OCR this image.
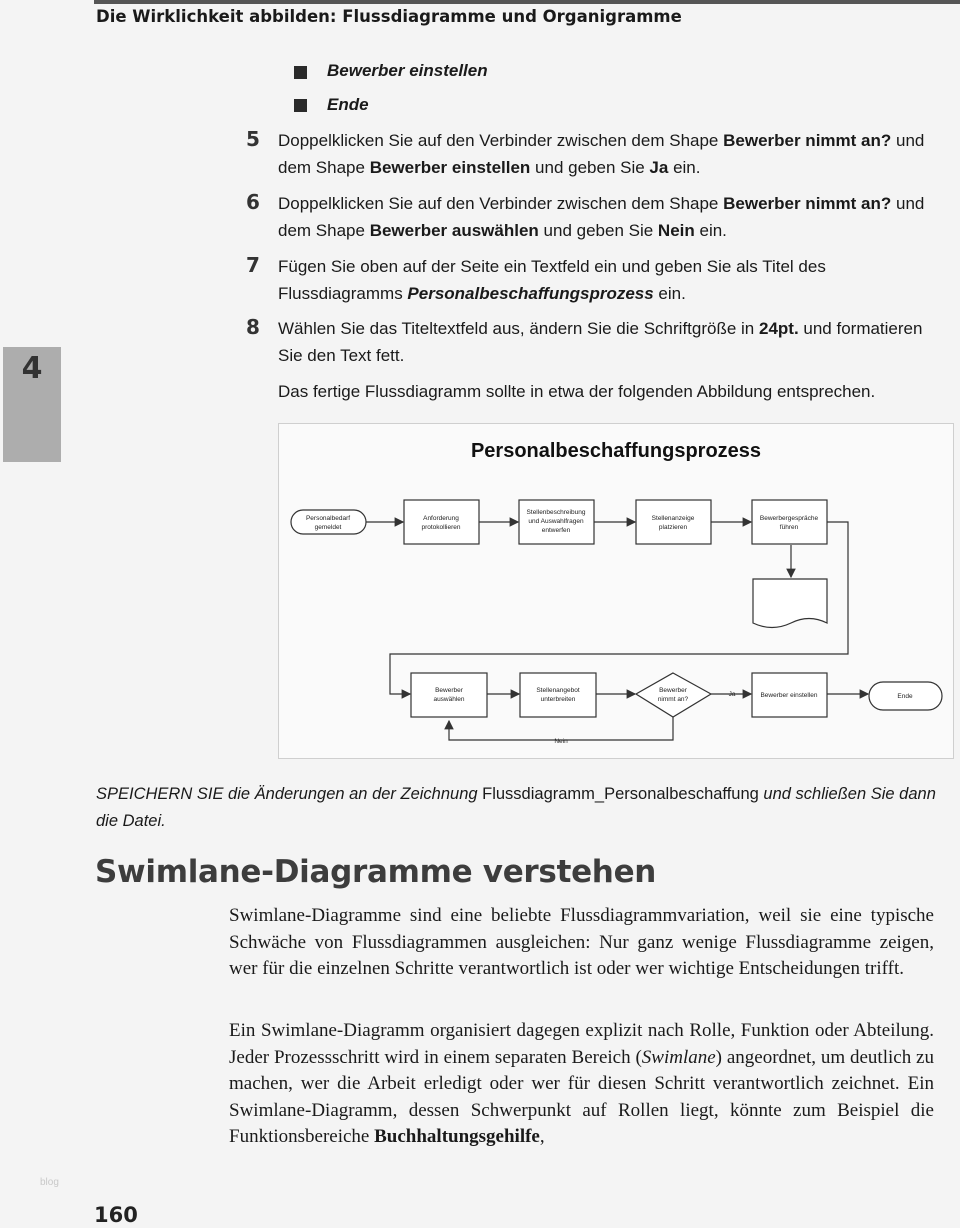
Die Wirklichkeit abbilden: Flussdiagramme und Organigramme
4
Bewerber einstellen
Ende
5 Doppelklicken Sie auf den Verbinder zwischen dem Shape Bewerber nimmt an? und dem Shape Bewerber einstellen und geben Sie Ja ein.
6 Doppelklicken Sie auf den Verbinder zwischen dem Shape Bewerber nimmt an? und dem Shape Bewerber auswählen und geben Sie Nein ein.
7 Fügen Sie oben auf der Seite ein Textfeld ein und geben Sie als Titel des Flussdiagramms Personalbeschaffungsprozess ein.
8 Wählen Sie das Titeltextfeld aus, ändern Sie die Schriftgröße in 24pt. und formatieren Sie den Text fett.
Das fertige Flussdiagramm sollte in etwa der folgenden Abbildung entsprechen.
Personalbeschaffungsprozess
Personalbedarf gemeldet
Anforderung protokollieren
Stellenbeschreibung und Auswahlfragen entwerfen
Stellenanzeige platzieren
Bewerbergespräche führen
Bewerber auswählen
Stellenangebot unterbreiten
Bewerber nimmt an?
Bewerber einstellen	Ende
Ja
Nein
SPEICHERN SIE die Änderungen an der Zeichnung Flussdiagramm_Personalbeschaffung und schließen Sie dann die Datei.
Swimlane-Diagramme verstehen
Swimlane-Diagramme sind eine beliebte Flussdiagrammvariation, weil sie eine typische Schwäche von Flussdiagrammen ausgleichen: Nur ganz wenige Flussdiagramme zeigen, wer für die einzelnen Schritte verantwortlich ist oder wer wichtige Entscheidungen trifft.
Ein Swimlane-Diagramm organisiert dagegen explizit nach Rolle, Funktion oder Abteilung. Jeder Prozessschritt wird in einem separaten Bereich (Swimlane) angeordnet, um deutlich zu machen, wer die Arbeit erledigt oder wer für diesen Schritt verantwortlich zeichnet. Ein Swimlane-Diagramm, dessen Schwerpunkt auf Rollen liegt, könnte zum Beispiel die Funktionsbereiche Buchhaltungsgehilfe,
blog
160
